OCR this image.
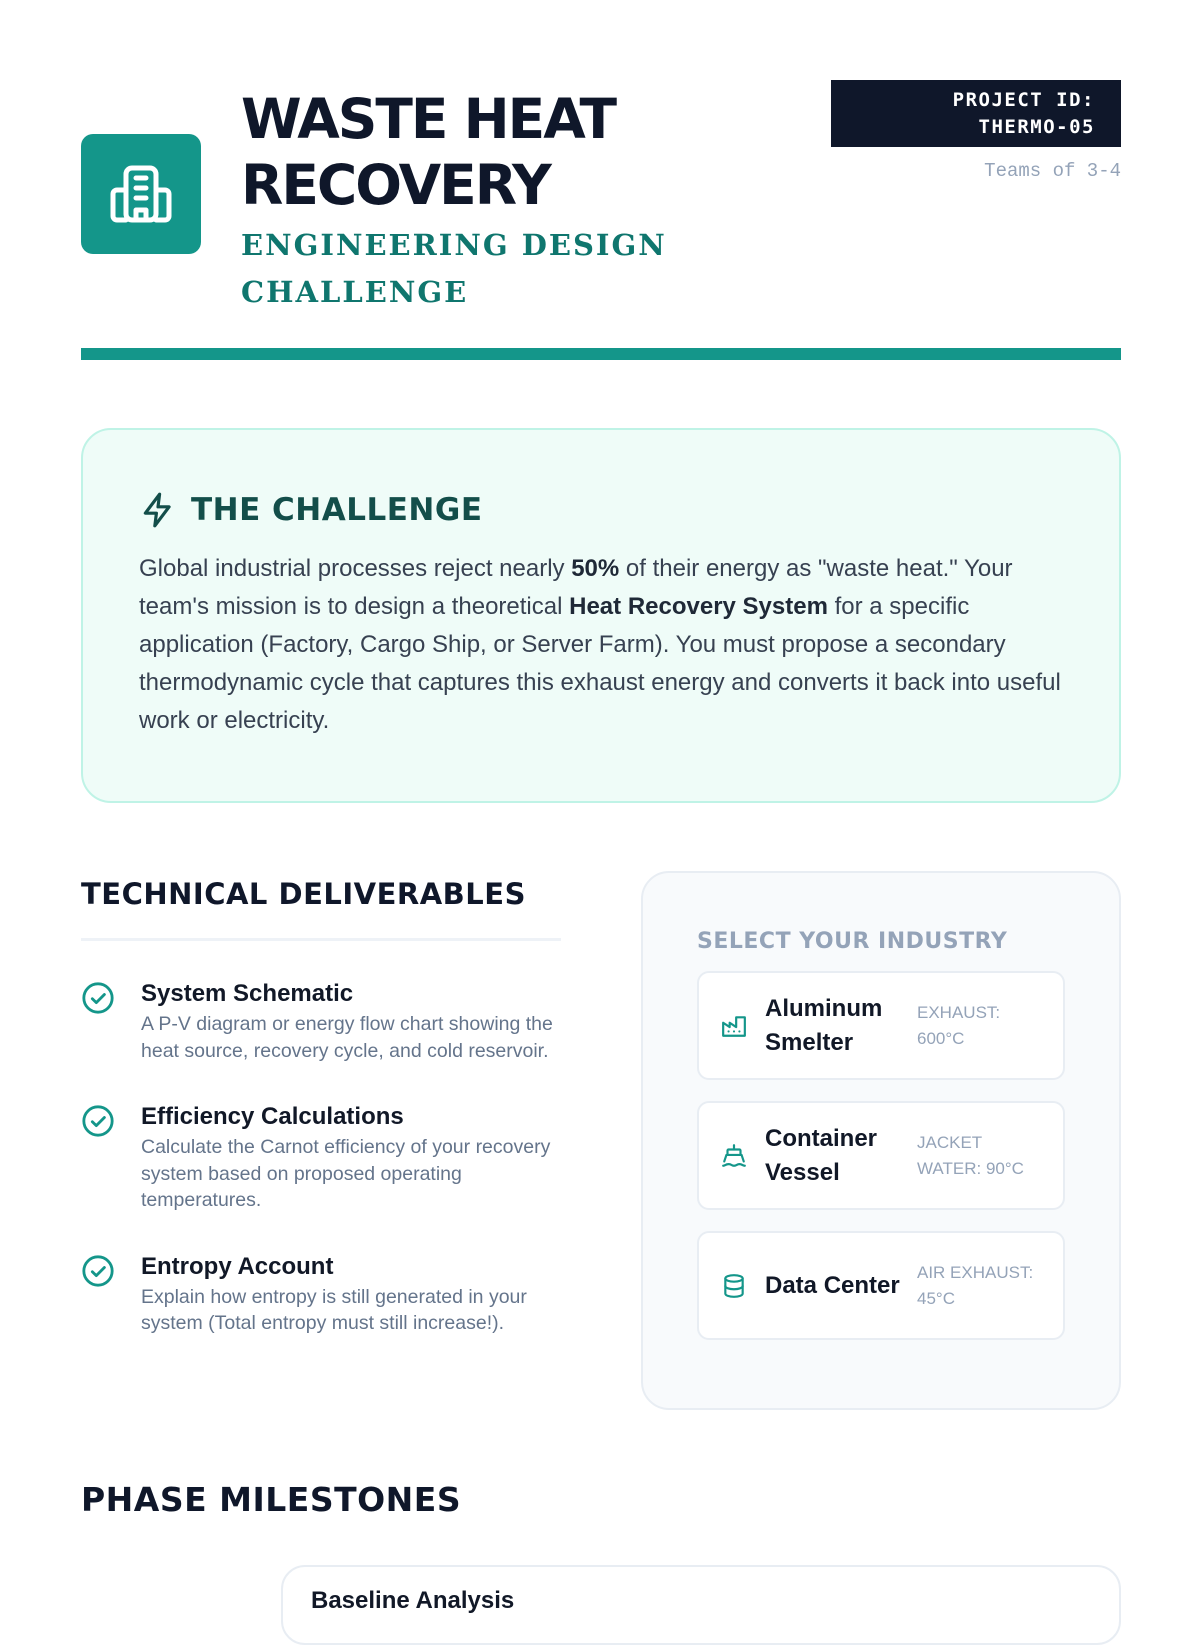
WASTE HEAT
RECOVERY

ENGINEERING DESIGN
CHALLENGE

PROJECT ID:
THERMO-05
Teams of 3-4
THE CHALLENGE

Global industrial processes reject nearly 50% of their energy as "waste heat." Your team's mission is to design a theoretical Heat Recovery System for a specific application (Factory, Cargo Ship, or Server Farm). You must propose a secondary thermodynamic cycle that captures this exhaust energy and converts it back into useful work or electricity.

TECHNICAL DELIVERABLES
System Schematic
A P-V diagram or energy flow chart showing the heat source, recovery cycle, and cold reservoir.
Efficiency Calculations
Calculate the Carnot efficiency of your recovery system based on proposed operating temperatures.
Entropy Account
Explain how entropy is still generated in your system (Total entropy must still increase!).
SELECT YOUR INDUSTRY
Aluminum Smelter
EXHAUST: 600°C
Container Vessel
JACKET WATER: 90°C
Data Center	AIR EXHAUST: 45°C
PHASE MILESTONES
Baseline Analysis
